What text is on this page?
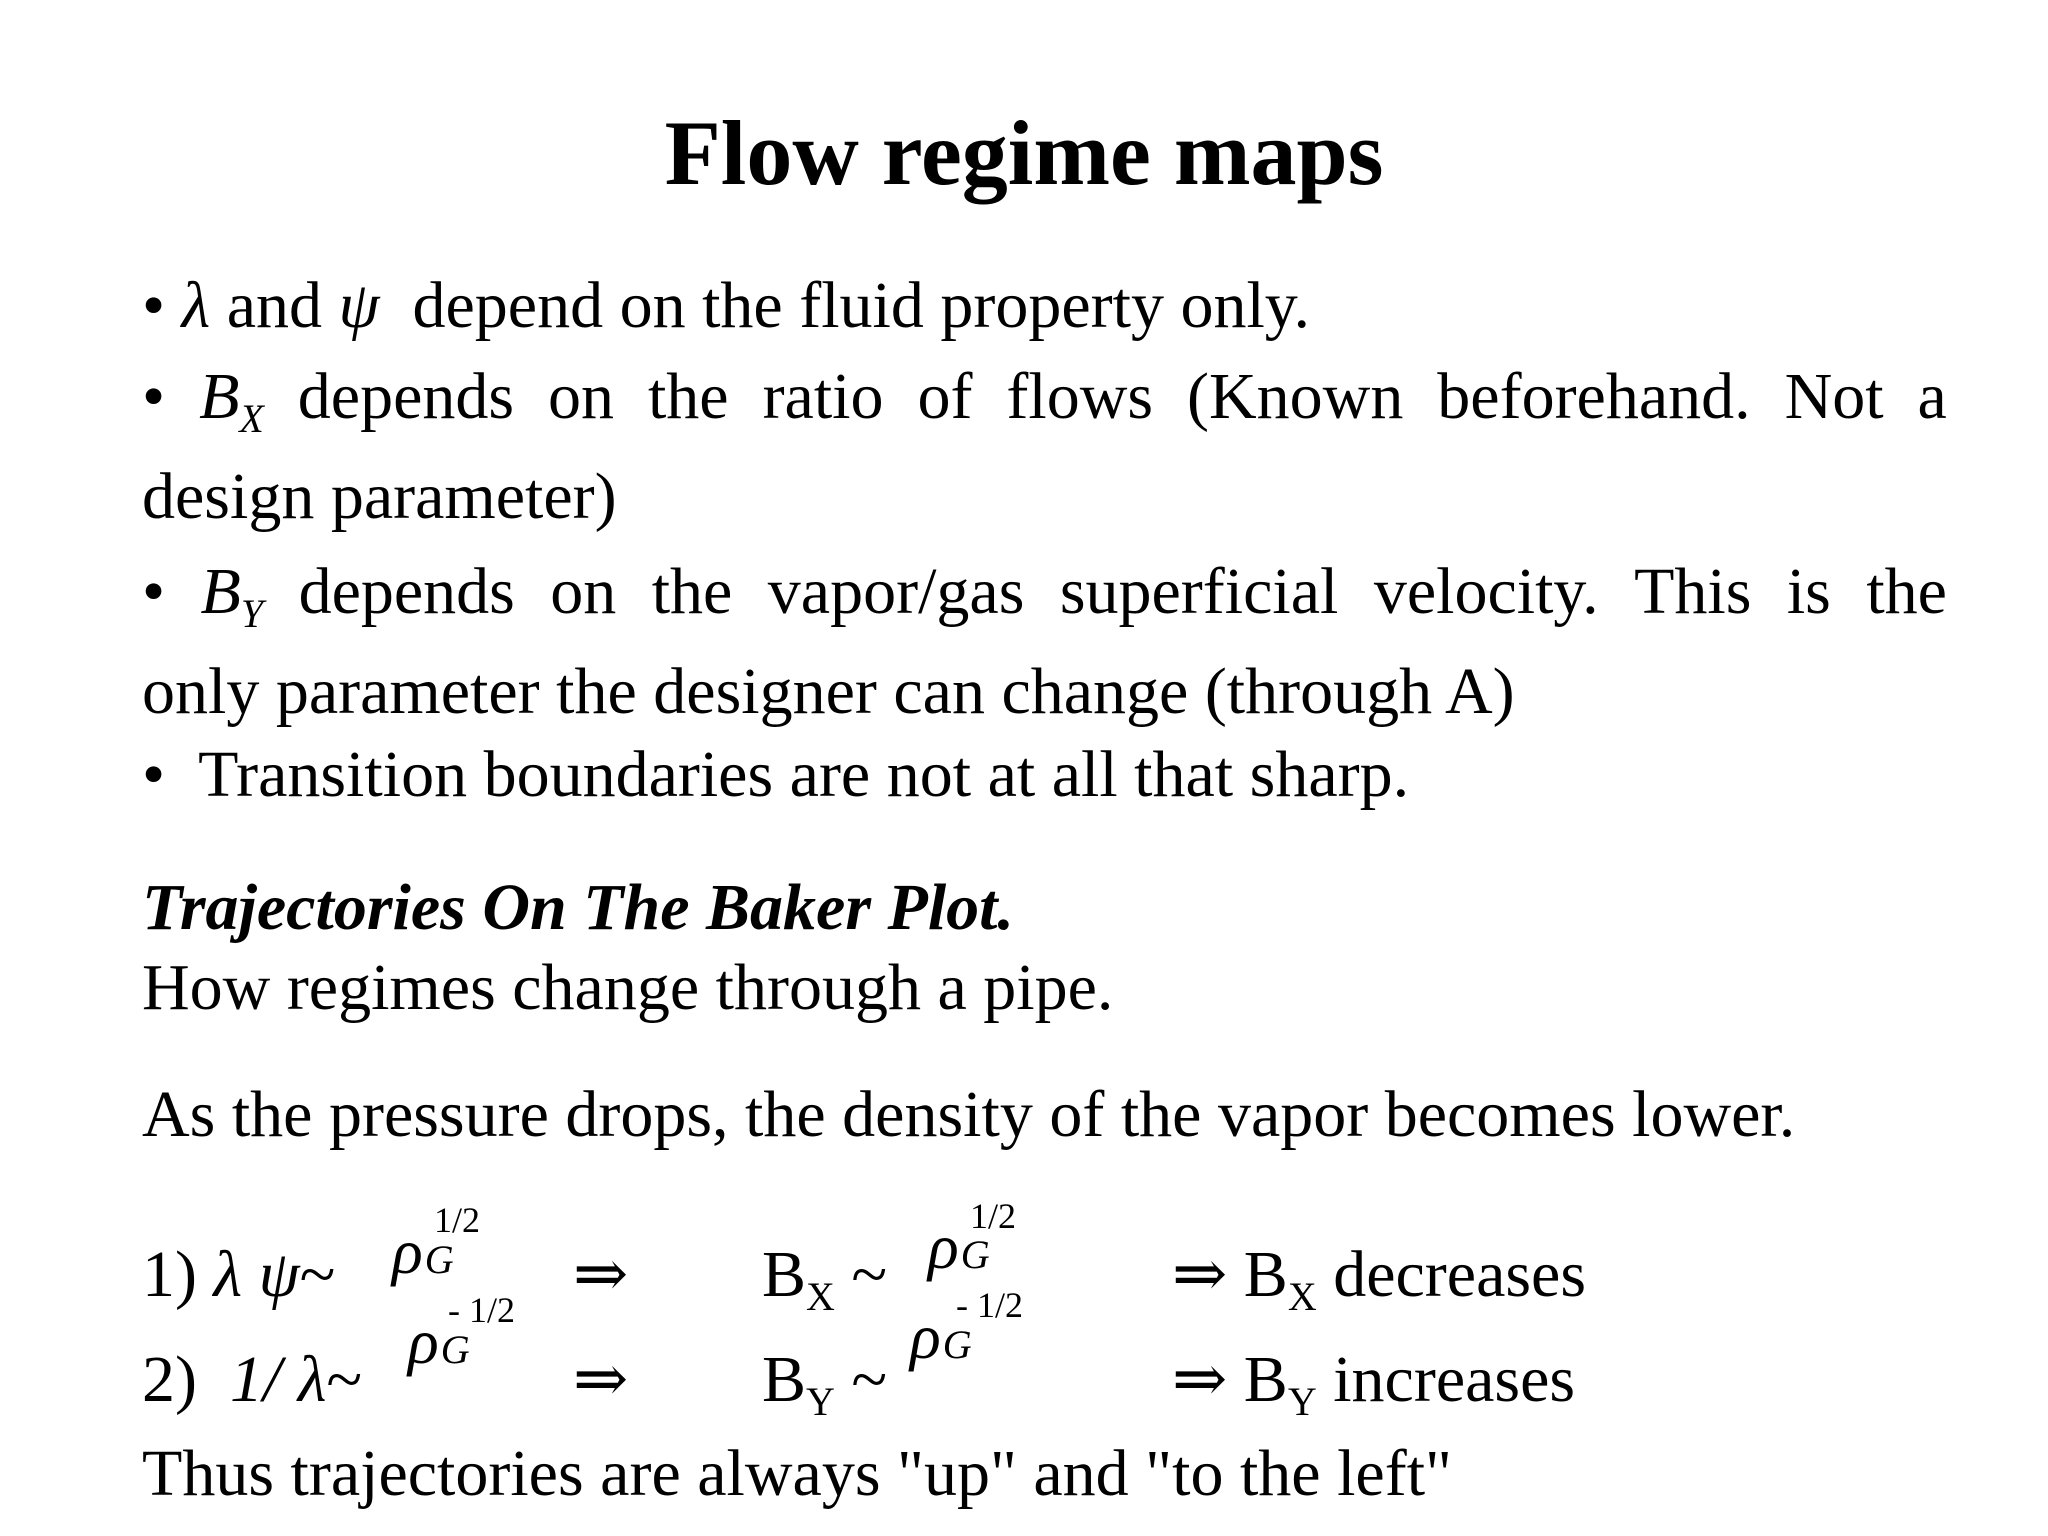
Flow regime maps
• λ and ψ depend on the fluid property only.
• $B_X$ depends on the ratio of flows (Known beforehand. Not a
design parameter)
• $B_Y$ depends on the vapor/gas superficial velocity. This is the
only parameter the designer can change (through A)
• Transition boundaries are not at all that sharp.
Trajectories On The Baker Plot.
How regimes change through a pipe.
As the pressure drops, the density of the vapor becomes lower.
1) λ ψ~ ρG
1/2
⇒ $B_X$ ~ ρG
1/2
⇒ $B_X$ decreases
2) 1/ λ~
ρG
- 1/2
⇒ $B_Y$ ~
ρG
- 1/2
⇒ $B_Y$ increases
Thus trajectories are always "up" and "to the left"
